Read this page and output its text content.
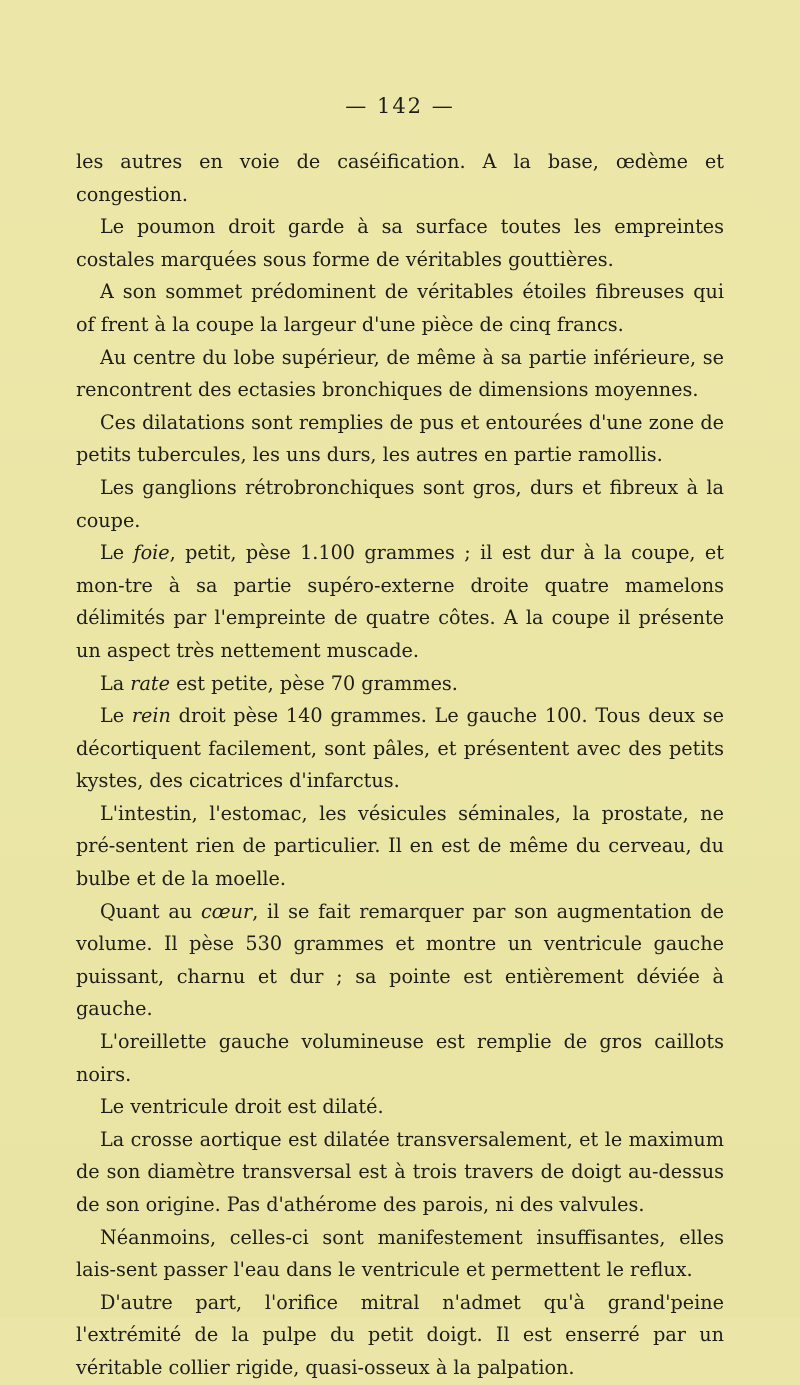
— 142 —

les autres en voie de caséification. A la base, œdème et congestion.

Le poumon droit garde à sa surface toutes les empreintes costales marquées sous forme de véritables gouttières.

A son sommet prédominent de véritables étoiles fibreuses qui of frent à la coupe la largeur d'une pièce de cinq francs.

Au centre du lobe supérieur, de même à sa partie inférieure, se rencontrent des ectasies bronchiques de dimensions moyennes.

Ces dilatations sont remplies de pus et entourées d'une zone de petits tubercules, les uns durs, les autres en partie ramollis.

Les ganglions rétrobronchiques sont gros, durs et fibreux à la coupe.

Le foie, petit, pèse 1.100 grammes ; il est dur à la coupe, et mon-tre à sa partie supéro-externe droite quatre mamelons délimités par l'empreinte de quatre côtes. A la coupe il présente un aspect très nettement muscade.

La rate est petite, pèse 70 grammes.

Le rein droit pèse 140 grammes. Le gauche 100. Tous deux se décortiquent facilement, sont pâles, et présentent avec des petits kystes, des cicatrices d'infarctus.

L'intestin, l'estomac, les vésicules séminales, la prostate, ne pré-sentent rien de particulier. Il en est de même du cerveau, du bulbe et de la moelle.

Quant au cœur, il se fait remarquer par son augmentation de volume. Il pèse 530 grammes et montre un ventricule gauche puissant, charnu et dur ; sa pointe est entièrement déviée à gauche.

L'oreillette gauche volumineuse est remplie de gros caillots noirs.

Le ventricule droit est dilaté.

La crosse aortique est dilatée transversalement, et le maximum de son diamètre transversal est à trois travers de doigt au-dessus de son origine. Pas d'athérome des parois, ni des valvules.

Néanmoins, celles-ci sont manifestement insuffisantes, elles lais-sent passer l'eau dans le ventricule et permettent le reflux.

D'autre part, l'orifice mitral n'admet qu'à grand'peine l'extrémité de la pulpe du petit doigt. Il est enserré par un véritable collier rigide, quasi-osseux à la palpation.
